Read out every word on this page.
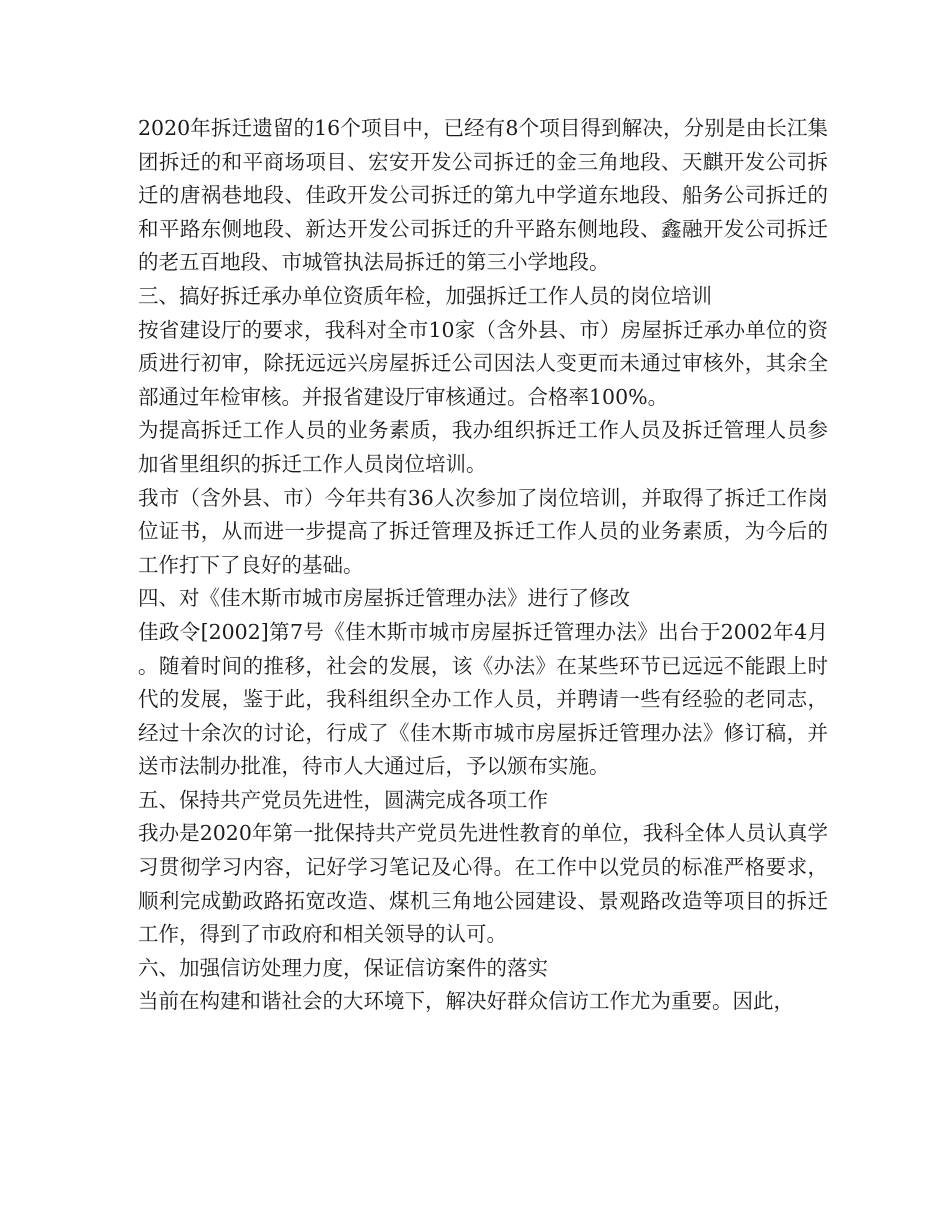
2020年拆迁遗留的16个项目中，已经有8个项目得到解决，分别是由长江集团拆迁的和平商场项目、宏安开发公司拆迁的金三角地段、天麒开发公司拆迁的唐祸巷地段、佳政开发公司拆迁的第九中学道东地段、船务公司拆迁的和平路东侧地段、新达开发公司拆迁的升平路东侧地段、鑫融开发公司拆迁的老五百地段、市城管执法局拆迁的第三小学地段。

三、搞好拆迁承办单位资质年检，加强拆迁工作人员的岗位培训

按省建设厅的要求，我科对全市10家（含外县、市）房屋拆迁承办单位的资质进行初审，除抚远远兴房屋拆迁公司因法人变更而未通过审核外，其余全部通过年检审核。并报省建设厅审核通过。合格率100%。

为提高拆迁工作人员的业务素质，我办组织拆迁工作人员及拆迁管理人员参加省里组织的拆迁工作人员岗位培训。

我市（含外县、市）今年共有36人次参加了岗位培训，并取得了拆迁工作岗位证书，从而进一步提高了拆迁管理及拆迁工作人员的业务素质，为今后的工作打下了良好的基础。

四、对《佳木斯市城市房屋拆迁管理办法》进行了修改

佳政令[2002]第7号《佳木斯市城市房屋拆迁管理办法》出台于2002年4月。随着时间的推移，社会的发展，该《办法》在某些环节已远远不能跟上时代的发展，鉴于此，我科组织全办工作人员，并聘请一些有经验的老同志，经过十余次的讨论，行成了《佳木斯市城市房屋拆迁管理办法》修订稿，并送市法制办批准，待市人大通过后，予以颁布实施。

五、保持共产党员先进性，圆满完成各项工作

我办是2020年第一批保持共产党员先进性教育的单位，我科全体人员认真学习贯彻学习内容，记好学习笔记及心得。在工作中以党员的标准严格要求，顺利完成勤政路拓宽改造、煤机三角地公园建设、景观路改造等项目的拆迁工作，得到了市政府和相关领导的认可。

六、加强信访处理力度，保证信访案件的落实

当前在构建和谐社会的大环境下，解决好群众信访工作尤为重要。因此，
